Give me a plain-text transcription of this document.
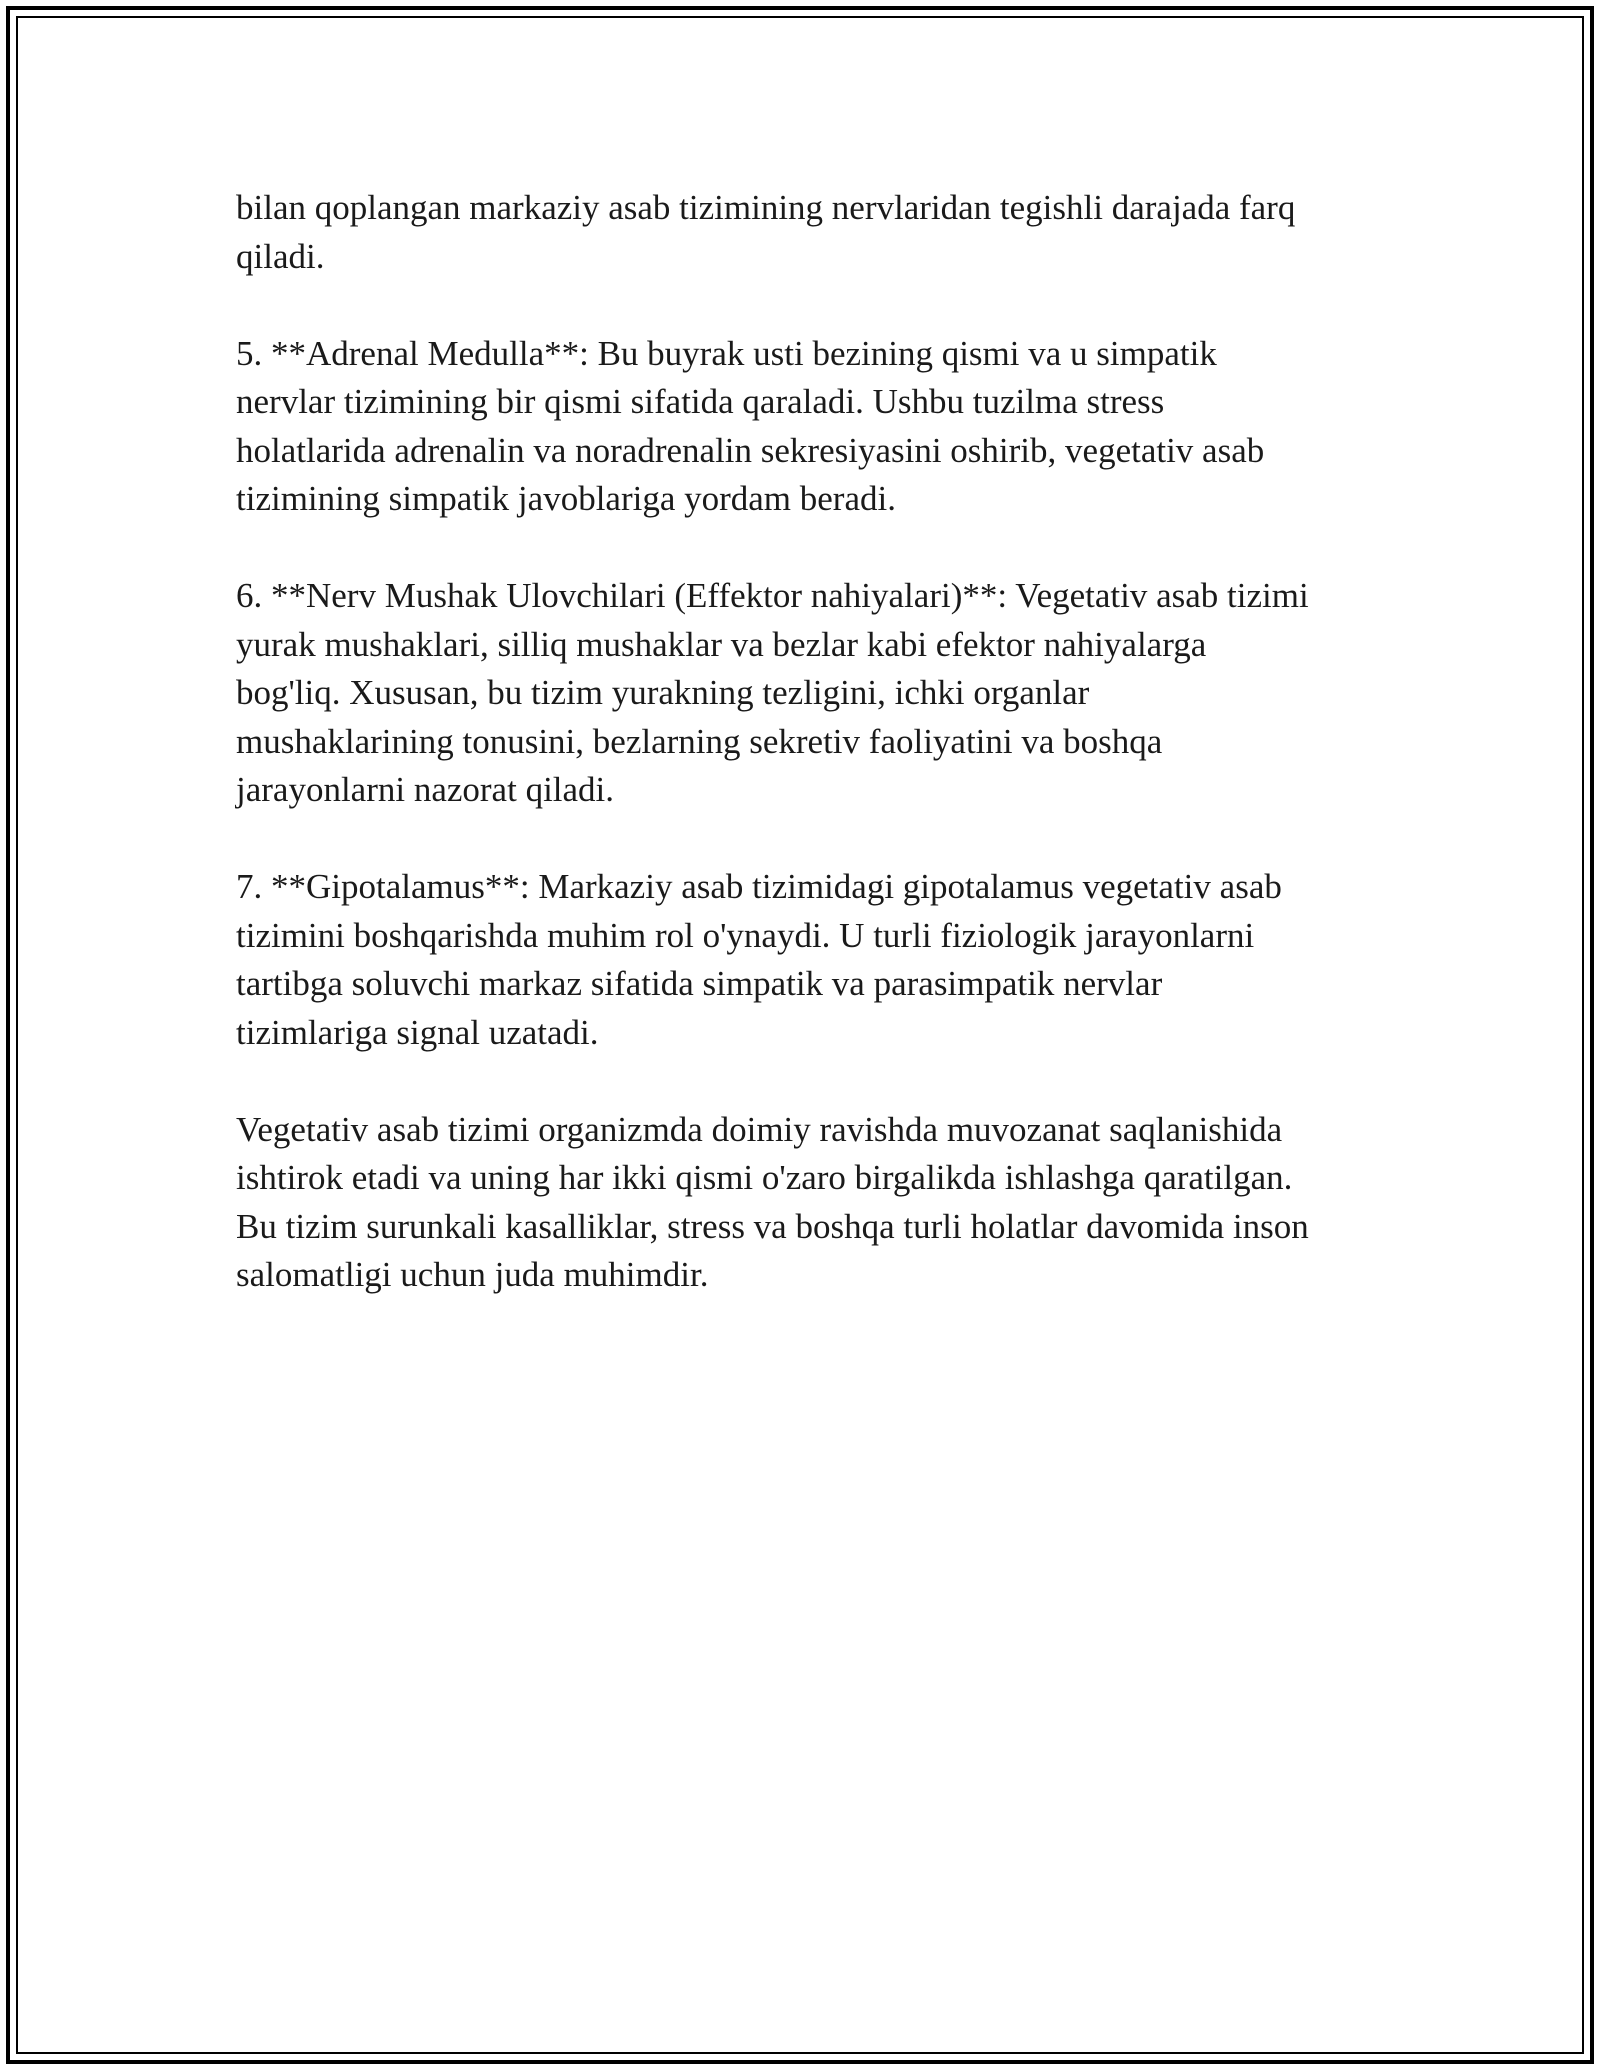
bilan qoplangan markaziy asab tizimining nervlaridan tegishli darajada farq
qiladi.

5. **Adrenal Medulla**: Bu buyrak usti bezining qismi va u simpatik
nervlar tizimining bir qismi sifatida qaraladi. Ushbu tuzilma stress
holatlarida adrenalin va noradrenalin sekresiyasini oshirib, vegetativ asab
tizimining simpatik javoblariga yordam beradi.

6. **Nerv Mushak Ulovchilari (Effektor nahiyalari)**: Vegetativ asab tizimi
yurak mushaklari, silliq mushaklar va bezlar kabi efektor nahiyalarga
bog'liq. Xususan, bu tizim yurakning tezligini, ichki organlar
mushaklarining tonusini, bezlarning sekretiv faoliyatini va boshqa
jarayonlarni nazorat qiladi.

7. **Gipotalamus**: Markaziy asab tizimidagi gipotalamus vegetativ asab
tizimini boshqarishda muhim rol o'ynaydi. U turli fiziologik jarayonlarni
tartibga soluvchi markaz sifatida simpatik va parasimpatik nervlar
tizimlariga signal uzatadi.

Vegetativ asab tizimi organizmda doimiy ravishda muvozanat saqlanishida
ishtirok etadi va uning har ikki qismi o'zaro birgalikda ishlashga qaratilgan.
Bu tizim surunkali kasalliklar, stress va boshqa turli holatlar davomida inson
salomatligi uchun juda muhimdir.
